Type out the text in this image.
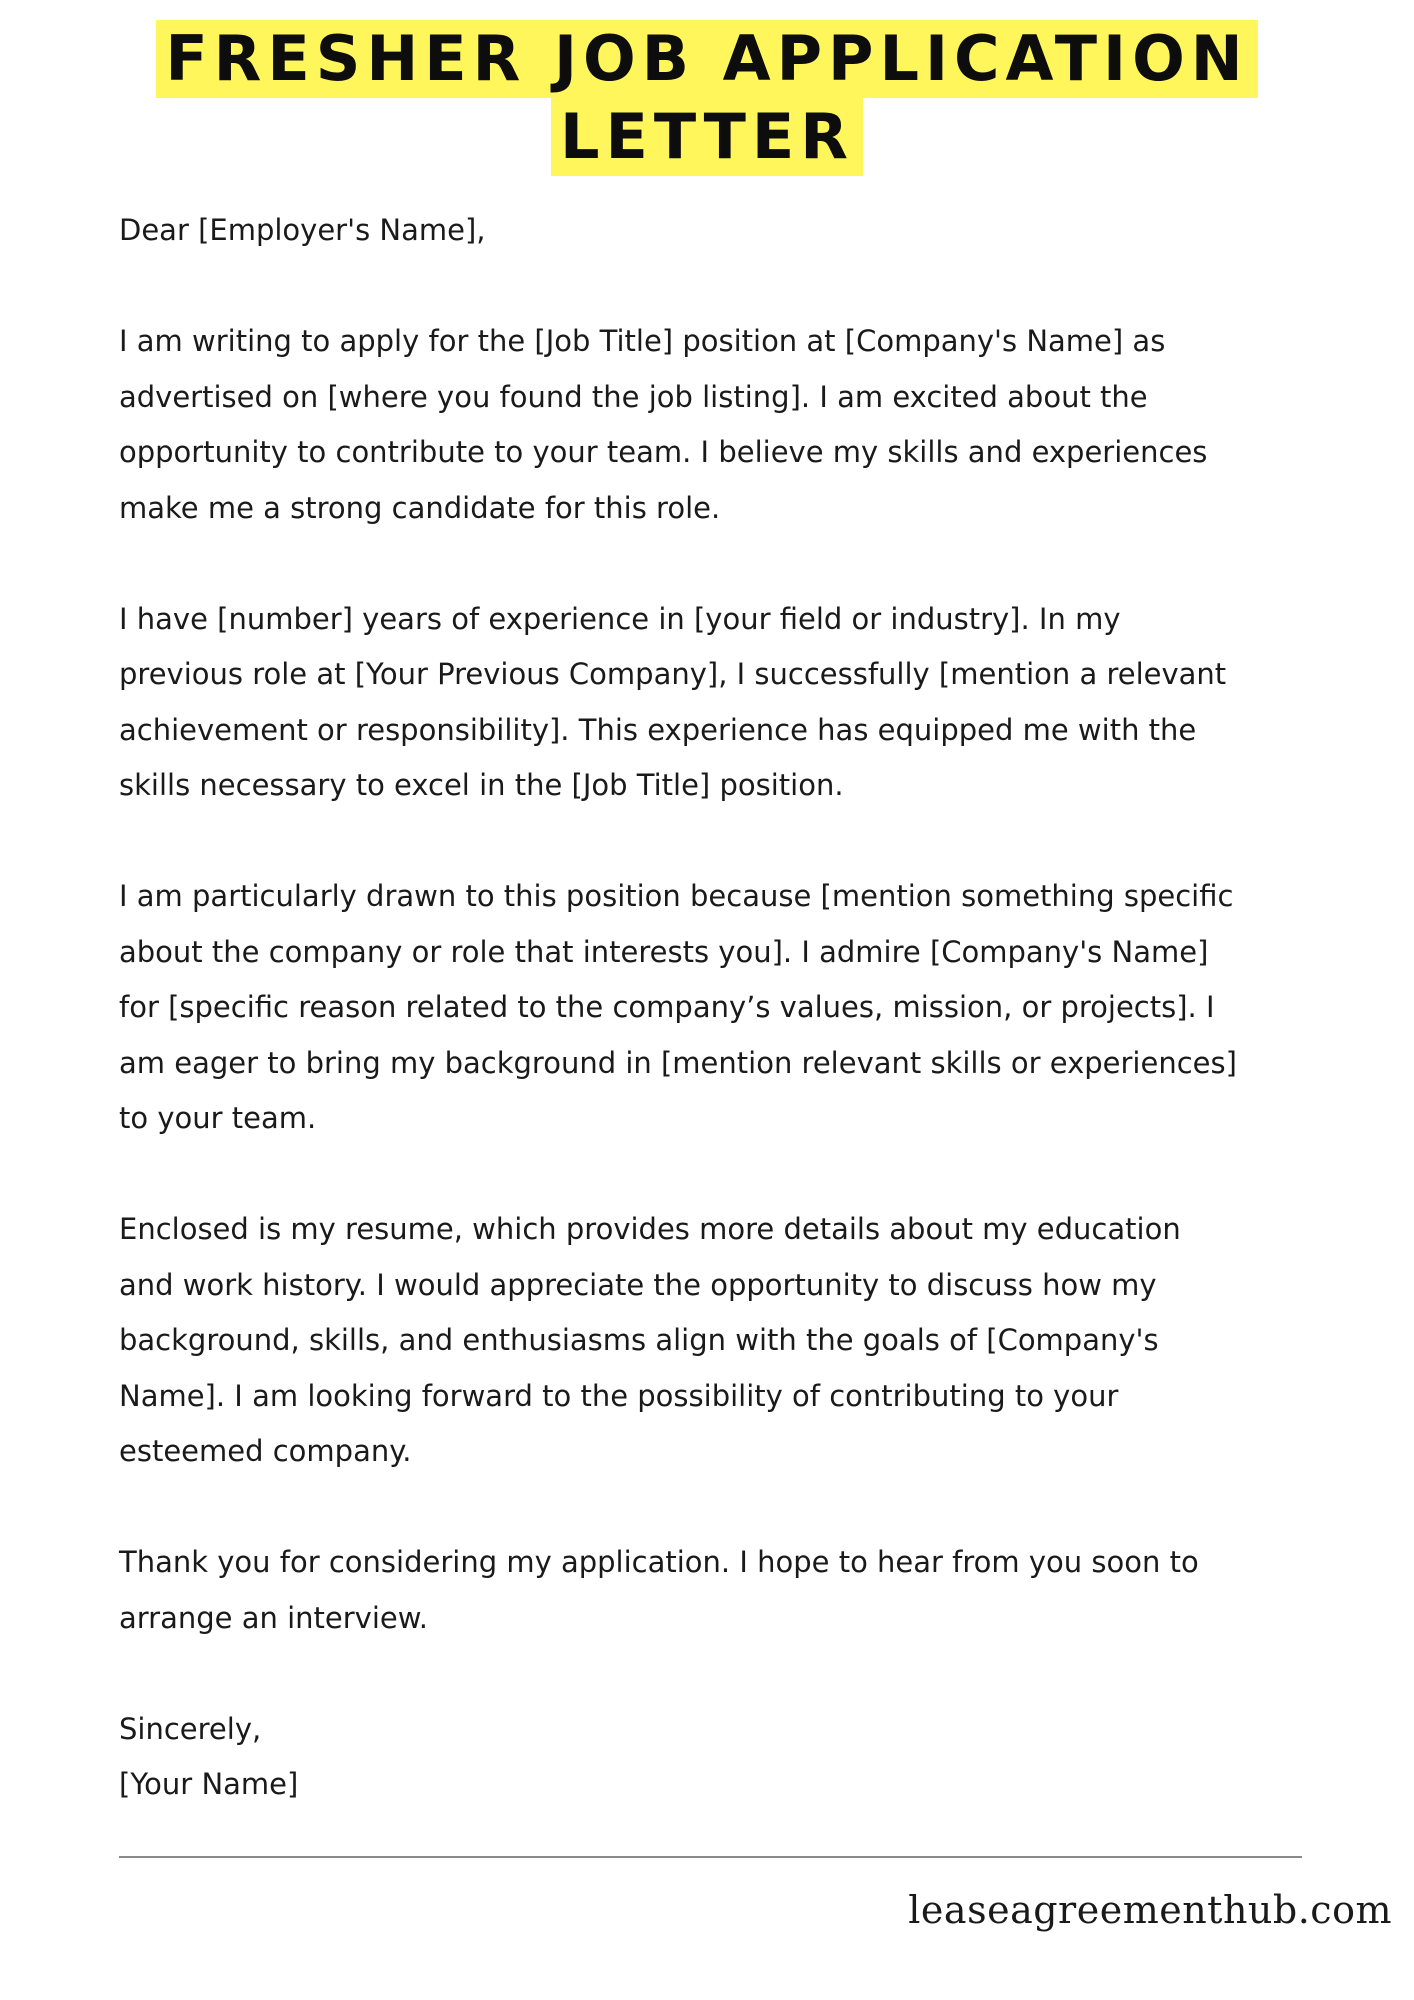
FRESHER JOB APPLICATION
LETTER

Dear [Employer's Name],

I am writing to apply for the [Job Title] position at [Company's Name] as
advertised on [where you found the job listing]. I am excited about the
opportunity to contribute to your team. I believe my skills and experiences
make me a strong candidate for this role.

I have [number] years of experience in [your field or industry]. In my
previous role at [Your Previous Company], I successfully [mention a relevant
achievement or responsibility]. This experience has equipped me with the
skills necessary to excel in the [Job Title] position.

I am particularly drawn to this position because [mention something specific
about the company or role that interests you]. I admire [Company's Name]
for [specific reason related to the company’s values, mission, or projects]. I
am eager to bring my background in [mention relevant skills or experiences]
to your team.

Enclosed is my resume, which provides more details about my education
and work history. I would appreciate the opportunity to discuss how my
background, skills, and enthusiasms align with the goals of [Company's
Name]. I am looking forward to the possibility of contributing to your
esteemed company.

Thank you for considering my application. I hope to hear from you soon to
arrange an interview.

Sincerely,
[Your Name]

leaseagreementhub.com
